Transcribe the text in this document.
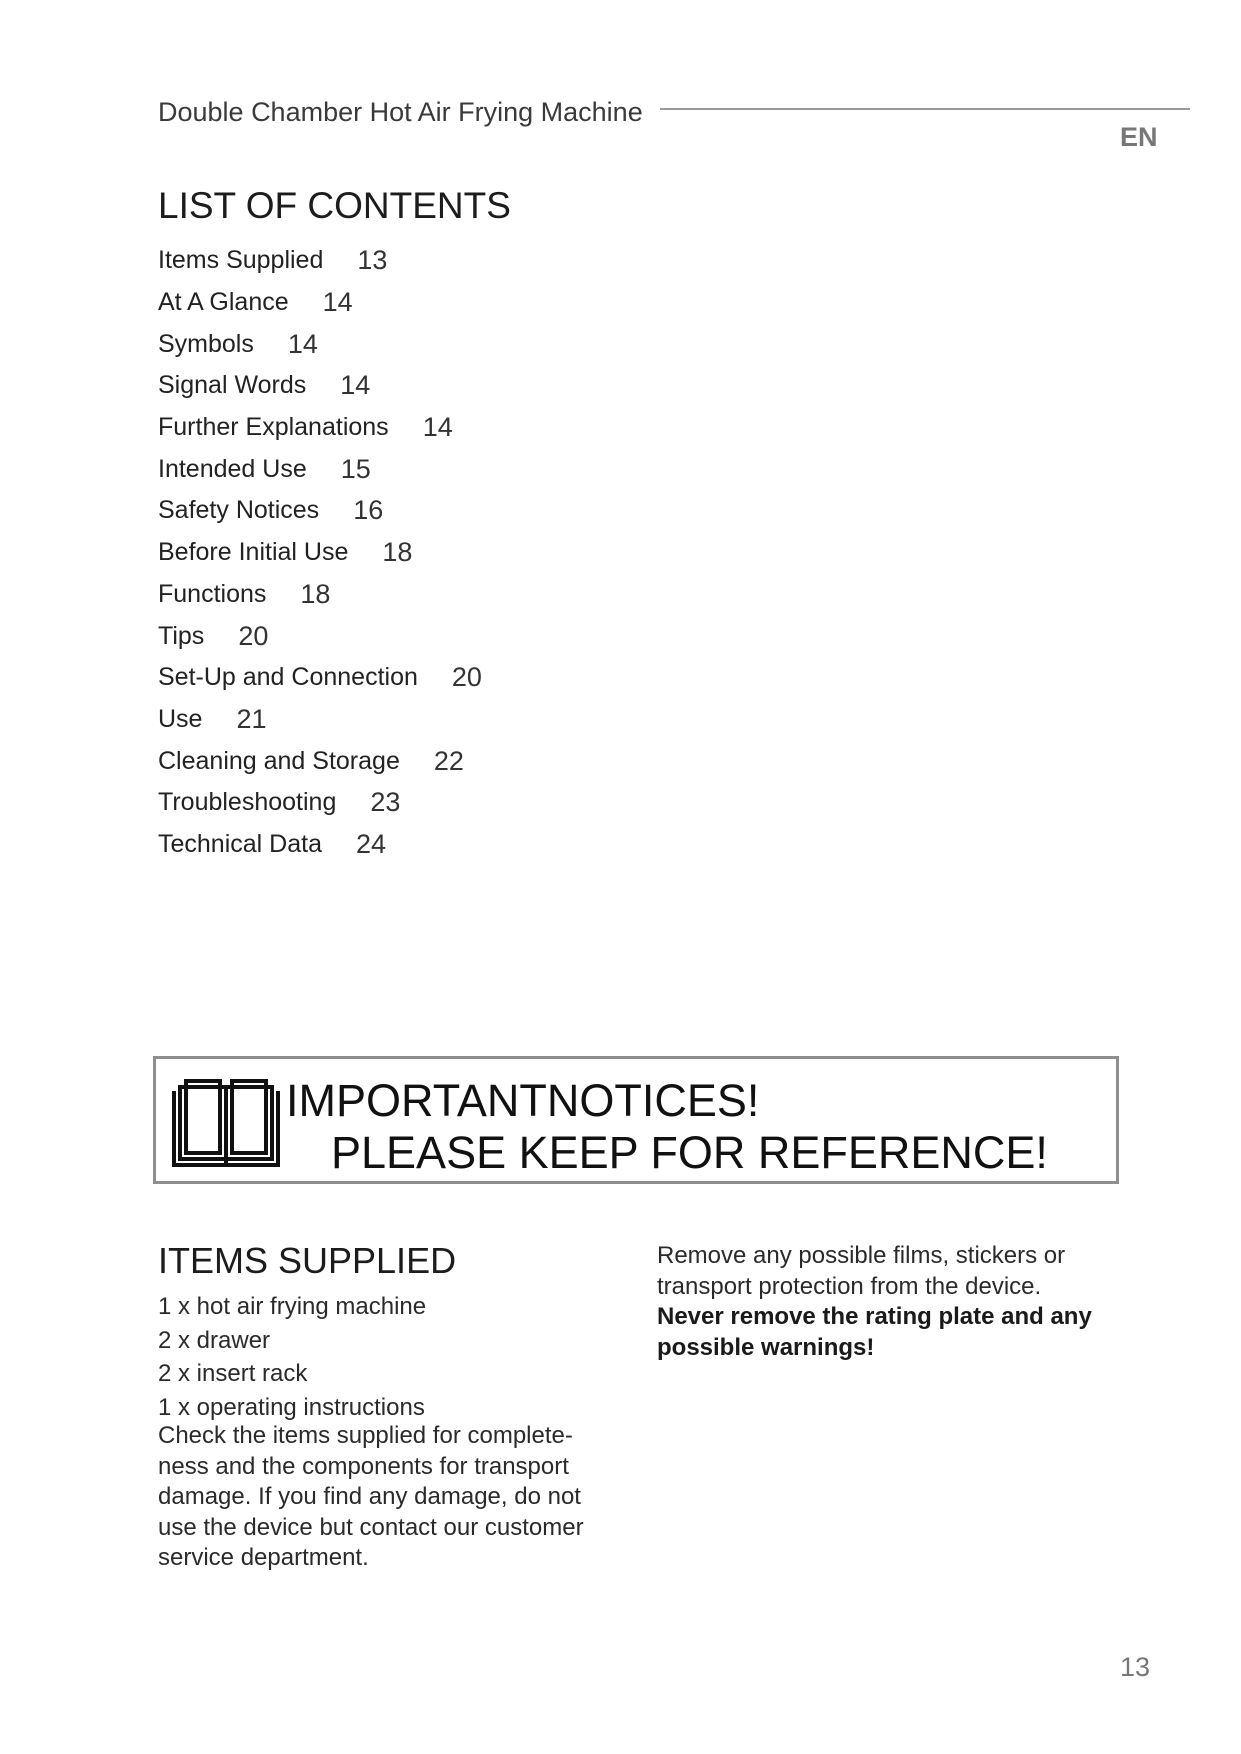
Double Chamber Hot Air Frying Machine
EN
LIST OF CONTENTS
Items Supplied 13
At A Glance 14
Symbols 14
Signal Words 14
Further Explanations 14
Intended Use 15
Safety Notices 16
Before Initial Use 18
Functions 18
Tips 20
Set-Up and Connection 20
Use 21
Cleaning and Storage 22
Troubleshooting 23
Technical Data 24
IMPORTANTNOTICES!
PLEASE KEEP FOR REFERENCE!
ITEMS SUPPLIED
1 x hot air frying machine
2 x drawer
2 x insert rack
1 x operating instructions

Check the items supplied for complete-ness and the components for transport damage. If you find any damage, do not use the device but contact our customer service department.

Remove any possible films, stickers or transport protection from the device.

Never remove the rating plate and any possible warnings!

13
